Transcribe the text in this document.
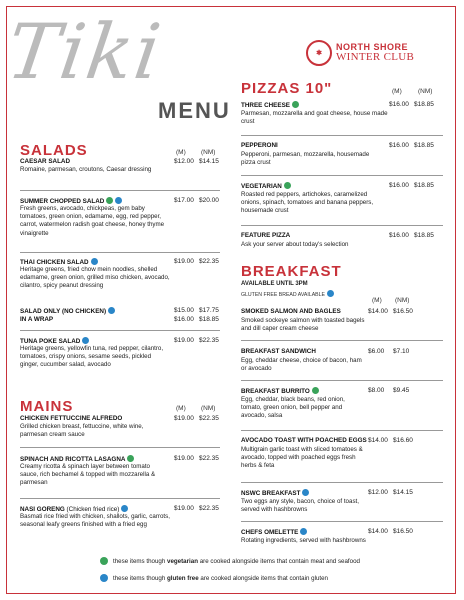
Tiki
MENU
✱
NORTH SHORE
WINTER CLUB
SALADS	(M) (NM)
CAESAR SALAD	$12.00 $14.15
Romaine, parmesan, croutons, Caesar dressing
SUMMER CHOPPED SALAD	$17.00 $20.00
Fresh greens, avocado, chickpeas, gem baby tomatoes, green onion, edamame, egg, red pepper, carrot, watermelon radish goat cheese, honey thyme vinaigrette
THAI CHICKEN SALAD	$19.00 $22.35
Heritage greens, fried chow mein noodles, shelled edamame, green onion, grilled miso chicken, avocado, cilantro, spicy peanut dressing
SALAD ONLY (NO CHICKEN)	$15.00 $17.75
IN A WRAP	$16.00 $18.85
TUNA POKE SALAD	$19.00 $22.35
Heritage greens, yellowfin tuna, red pepper, cilantro, tomatoes, crispy onions, sesame seeds, pickled ginger, cucumber salad, avocado
MAINS	(M) (NM)
CHICKEN FETTUCCINE ALFREDO	$19.00 $22.35
Grilled chicken breast, fettuccine, white wine, parmesan cream sauce
SPINACH AND RICOTTA LASAGNA	$19.00 $22.35
Creamy ricotta & spinach layer between tomato sauce, rich bechamel & topped with mozzarella & parmesan
NASI GORENG (Chicken fried rice)	$19.00 $22.35
Basmati rice fried with chicken, shallots, garlic, carrots, seasonal leafy greens finished with a fried egg
PIZZAS 10"	(M)	(NM)
THREE CHEESE	$16.00 $18.85
Parmesan, mozzarella and goat cheese, house made crust
PEPPERONI	$16.00 $18.85
Pepperoni, parmesan, mozzarella, housemade pizza crust
VEGETARIAN	$16.00 $18.85
Roasted red peppers, artichokes, caramelized onions, spinach, tomatoes and banana peppers, housemade crust
FEATURE PIZZA	$16.00 $18.85
Ask your server about today's selection
BREAKFAST
AVAILABLE UNTIL 3PM
GLUTEN FREE BREAD AVAILABLE
(M) (NM)
SMOKED SALMON AND BAGLES	$14.00 $16.50
Smoked sockeye salmon with toasted bagels and dill caper cream cheese
BREAKFAST SANDWICH	$6.00 $7.10
Egg, cheddar cheese, choice of bacon, ham or avocado
BREAKFAST BURRITO	$8.00 $9.45
Egg, cheddar, black beans, red onion, tomato, green onion, bell pepper and avocado, salsa
AVOCADO TOAST WITH POACHED EGGS $14.00 $16.60
Multigrain garlic toast with sliced tomatoes & avocado, topped with poached eggs fresh herbs & feta
NSWC BREAKFAST	$12.00 $14.15
Two eggs any style, bacon, choice of toast, served with hashbrowns
CHEFS OMELETTE	$14.00 $16.50
Rotating ingredients, served with hashbrowns
these items though vegetarian are cooked alongside items that contain meat and seafood
these items though gluten free are cooked alongside items that contain gluten
